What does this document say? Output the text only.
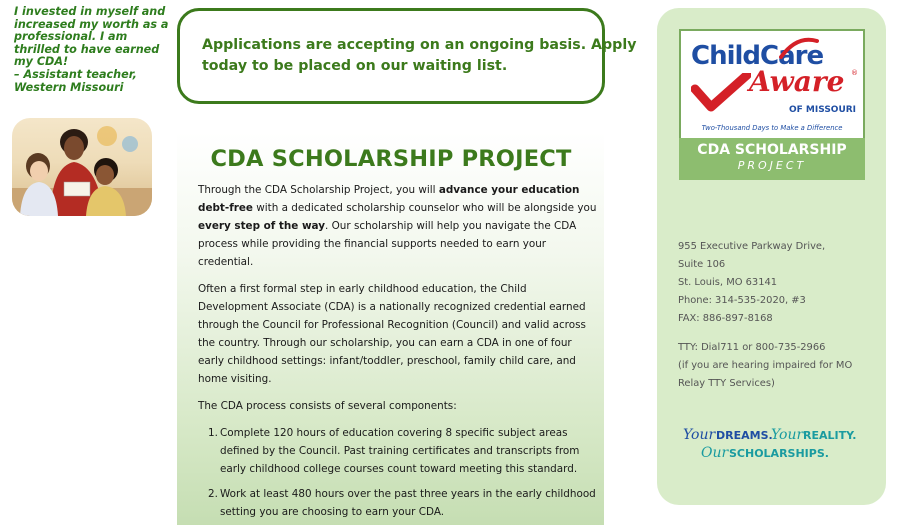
I invested in myself and
increased my worth as a
professional. I am
thrilled to have earned
my CDA!
– Assistant teacher,
Western Missouri
Applications are accepting on an ongoing basis. Apply
today to be placed on our waiting list.
CDA SCHOLARSHIP PROJECT
Through the CDA Scholarship Project, you will advance your education
debt-free with a dedicated scholarship counselor who will be alongside you
every step of the way. Our scholarship will help you navigate the CDA
process while providing the financial supports needed to earn your
credential.
Often a first formal step in early childhood education, the Child
Development Associate (CDA) is a nationally recognized credential earned
through the Council for Professional Recognition (Council) and valid across
the country. Through our scholarship, you can earn a CDA in one of four
early childhood settings: infant/toddler, preschool, family child care, and
home visiting.
The CDA process consists of several components:
1. Complete 120 hours of education covering 8 specific subject areas
defined by the Council. Past training certificates and transcripts from
early childhood college courses count toward meeting this standard.
2. Work at least 480 hours over the past three years in the early childhood
setting you are choosing to earn your CDA.
ChildCare
Aware ®
OF MISSOURI
Two-Thousand Days to Make a Difference
CDA SCHOLARSHIP
PROJECT
955 Executive Parkway Drive,
Suite 106
St. Louis, MO 63141
Phone: 314-535-2020, #3
FAX: 886-897-8168
TTY: Dial711 or 800-735-2966
(if you are hearing impaired for MO
Relay TTY Services)
Your DREAMS.
Your REALITY.
Our SCHOLARSHIPS.
